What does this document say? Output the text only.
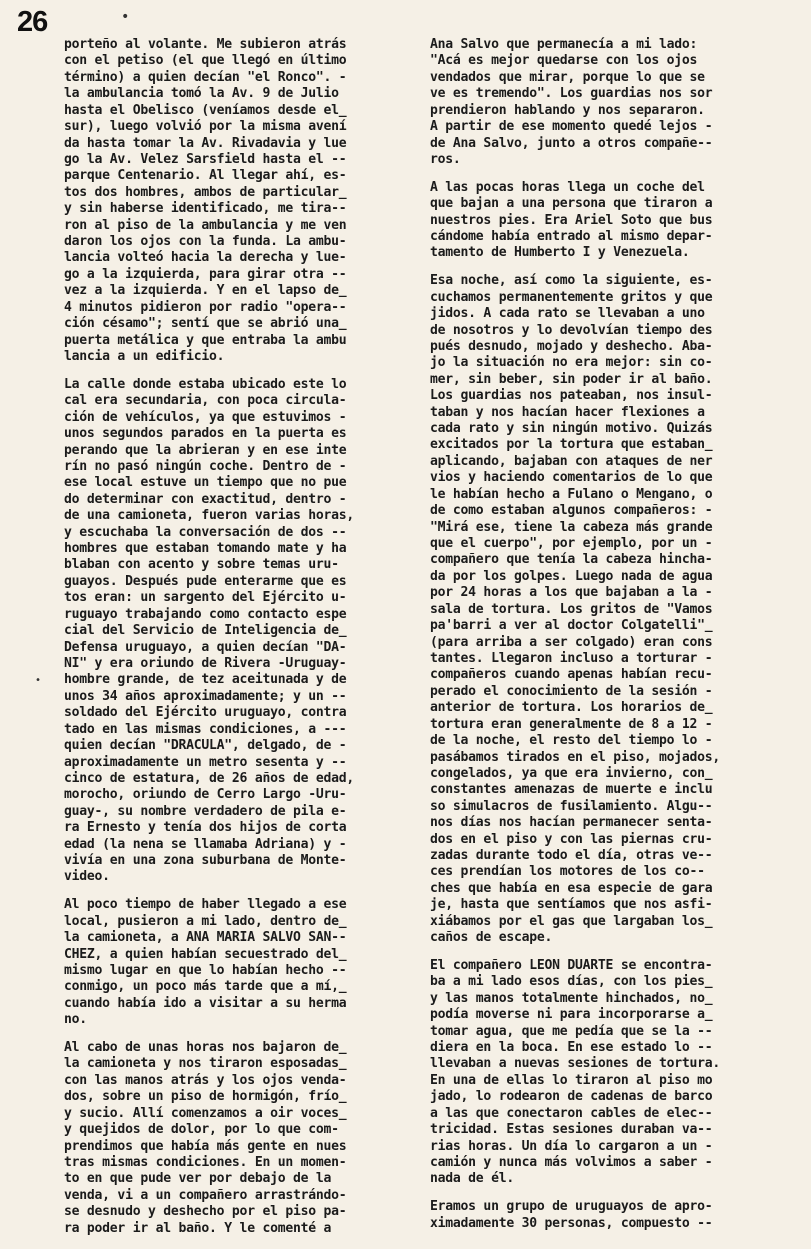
26	•
•
porteño al volante. Me subieron atrás
con el petiso (el que llegó en último
término) a quien decían "el Ronco". -
la ambulancia tomó la Av. 9 de Julio
hasta el Obelisco (veníamos desde el_
sur), luego volvió por la misma avení
da hasta tomar la Av. Rivadavia y lue
go la Av. Velez Sarsfield hasta el --
parque Centenario. Al llegar ahí, es-
tos dos hombres, ambos de particular_
y sin haberse identificado, me tira--
ron al piso de la ambulancia y me ven
daron los ojos con la funda. La ambu-
lancia volteó hacia la derecha y lue-
go a la izquierda, para girar otra --
vez a la izquierda. Y en el lapso de_
4 minutos pidieron por radio "opera--
ción césamo"; sentí que se abrió una_
puerta metálica y que entraba la ambu
lancia a un edificio.
La calle donde estaba ubicado este lo
cal era secundaria, con poca circula-
ción de vehículos, ya que estuvimos -
unos segundos parados en la puerta es
perando que la abrieran y en ese inte
rín no pasó ningún coche. Dentro de -
ese local estuve un tiempo que no pue
do determinar con exactitud, dentro -
de una camioneta, fueron varias horas,
y escuchaba la conversación de dos --
hombres que estaban tomando mate y ha
blaban con acento y sobre temas uru-
guayos. Después pude enterarme que es
tos eran: un sargento del Ejército u-
ruguayo trabajando como contacto espe
cial del Servicio de Inteligencia de_
Defensa uruguayo, a quien decían "DA-
NI" y era oriundo de Rivera -Uruguay-
hombre grande, de tez aceitunada y de
unos 34 años aproximadamente; y un --
soldado del Ejército uruguayo, contra
tado en las mismas condiciones, a ---
quien decían "DRACULA", delgado, de -
aproximadamente un metro sesenta y --
cinco de estatura, de 26 años de edad,
morocho, oriundo de Cerro Largo -Uru-
guay-, su nombre verdadero de pila e-
ra Ernesto y tenía dos hijos de corta
edad (la nena se llamaba Adriana) y -
vivía en una zona suburbana de Monte-
video.
Al poco tiempo de haber llegado a ese
local, pusieron a mi lado, dentro de_
la camioneta, a ANA MARIA SALVO SAN--
CHEZ, a quien habían secuestrado del_
mismo lugar en que lo habían hecho --
conmigo, un poco más tarde que a mí,_
cuando había ido a visitar a su herma
no.
Al cabo de unas horas nos bajaron de_
la camioneta y nos tiraron esposadas_
con las manos atrás y los ojos venda-
dos, sobre un piso de hormigón, frío_
y sucio. Allí comenzamos a oir voces_
y quejidos de dolor, por lo que com-
prendimos que había más gente en nues
tras mismas condiciones. En un momen-
to en que pude ver por debajo de la
venda, vi a un compañero arrastrándo-
se desnudo y deshecho por el piso pa-
ra poder ir al baño. Y le comenté a
Ana Salvo que permanecía a mi lado:
"Acá es mejor quedarse con los ojos
vendados que mirar, porque lo que se
ve es tremendo". Los guardias nos sor
prendieron hablando y nos separaron.
A partir de ese momento quedé lejos -
de Ana Salvo, junto a otros compañe--
ros.
A las pocas horas llega un coche del
que bajan a una persona que tiraron a
nuestros pies. Era Ariel Soto que bus
cándome había entrado al mismo depar-
tamento de Humberto I y Venezuela.
Esa noche, así como la siguiente, es-
cuchamos permanentemente gritos y que
jidos. A cada rato se llevaban a uno
de nosotros y lo devolvían tiempo des
pués desnudo, mojado y deshecho. Aba-
jo la situación no era mejor: sin co-
mer, sin beber, sin poder ir al baño.
Los guardias nos pateaban, nos insul-
taban y nos hacían hacer flexiones a
cada rato y sin ningún motivo. Quizás
excitados por la tortura que estaban_
aplicando, bajaban con ataques de ner
vios y haciendo comentarios de lo que
le habían hecho a Fulano o Mengano, o
de como estaban algunos compañeros: -
"Mirá ese, tiene la cabeza más grande
que el cuerpo", por ejemplo, por un -
compañero que tenía la cabeza hincha-
da por los golpes. Luego nada de agua
por 24 horas a los que bajaban a la -
sala de tortura. Los gritos de "Vamos
pa'barri a ver al doctor Colgatelli"_
(para arriba a ser colgado) eran cons
tantes. Llegaron incluso a torturar -
compañeros cuando apenas habían recu-
perado el conocimiento de la sesión -
anterior de tortura. Los horarios de_
tortura eran generalmente de 8 a 12 -
de la noche, el resto del tiempo lo -
pasábamos tirados en el piso, mojados,
congelados, ya que era invierno, con_
constantes amenazas de muerte e inclu
so simulacros de fusilamiento. Algu--
nos días nos hacían permanecer senta-
dos en el piso y con las piernas cru-
zadas durante todo el día, otras ve--
ces prendían los motores de los co--
ches que había en esa especie de gara
je, hasta que sentíamos que nos asfi-
xiábamos por el gas que largaban los_
caños de escape.
El compañero LEON DUARTE se encontra-
ba a mi lado esos días, con los pies_
y las manos totalmente hinchados, no_
podía moverse ni para incorporarse a_
tomar agua, que me pedía que se la --
diera en la boca. En ese estado lo --
llevaban a nuevas sesiones de tortura.
En una de ellas lo tiraron al piso mo
jado, lo rodearon de cadenas de barco
a las que conectaron cables de elec--
tricidad. Estas sesiones duraban va--
rias horas. Un día lo cargaron a un -
camión y nunca más volvimos a saber -
nada de él.
Eramos un grupo de uruguayos de apro-
ximadamente 30 personas, compuesto --
